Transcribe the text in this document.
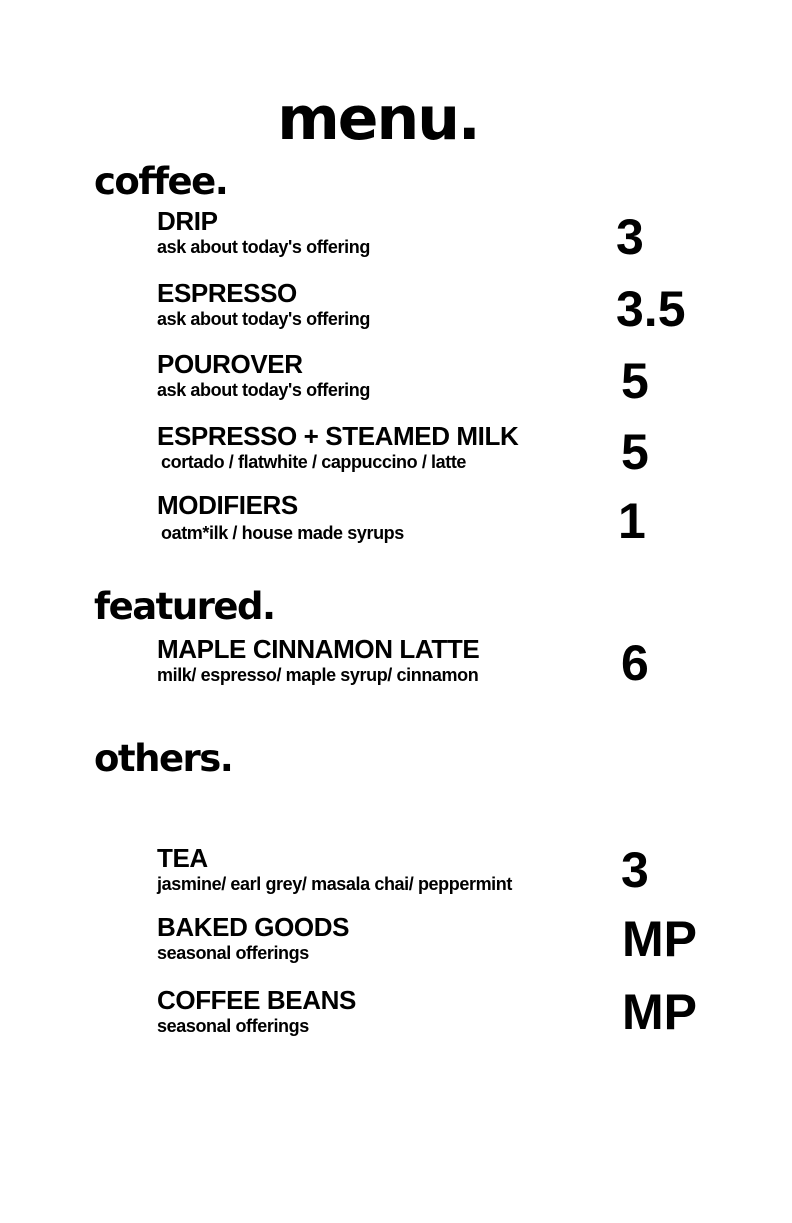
menu.
coffee.
DRIP
ask about today's offering	3
ESPRESSO
ask about today's offering	3.5
POUROVER
ask about today's offering	5
ESPRESSO + STEAMED MILK
cortado / flatwhite / cappuccino / latte	5
MODIFIERS
oatm*ilk / house made syrups	1
featured.
MAPLE CINNAMON LATTE
milk/ espresso/ maple syrup/ cinnamon	6
others.
TEA
jasmine/ earl grey/ masala chai/ peppermint 3
BAKED GOODS
seasonal offerings	MP
COFFEE BEANS
seasonal offerings	MP
